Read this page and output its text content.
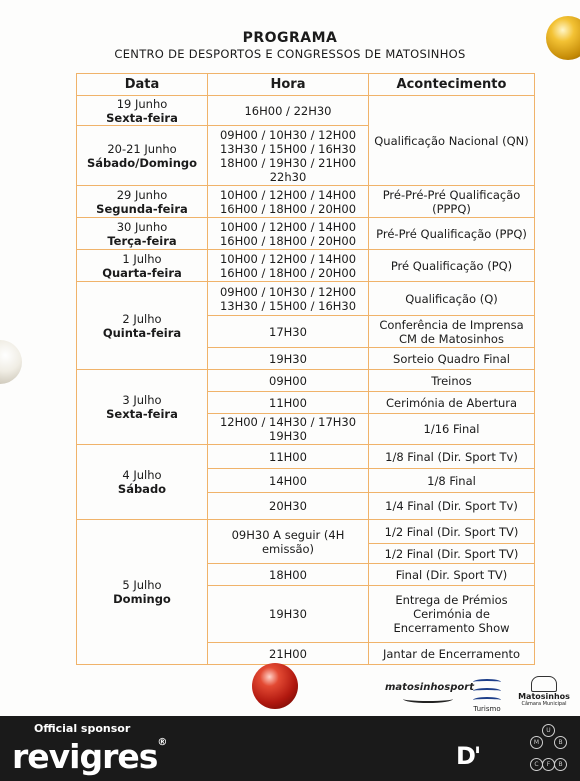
PROGRAMA
CENTRO DE DESPORTOS E CONGRESSOS DE MATOSINHOS
Data	Hora	Acontecimento

19 Junho
Sexta-feira	16H00 / 22H30	Qualificação Nacional (QN)

20-21 Junho
Sábado/Domingo	09H00 / 10H30 / 12H00 13H30 / 15H00 / 16H30 18H00 / 19H30 / 21H00 22h30	

29 Junho
Segunda-feira	10H00 / 12H00 / 14H00 16H00 / 18H00 / 20H00	Pré-Pré-Pré Qualificação (PPPQ)

30 Junho
Terça-feira	10H00 / 12H00 / 14H00 16H00 / 18H00 / 20H00	Pré-Pré Qualificação (PPQ)

1 Julho
Quarta-feira	10H00 / 12H00 / 14H00 16H00 / 18H00 / 20H00	Pré Qualificação (PQ)

2 Julho
Quinta-feira	09H00 / 10H30 / 12H00 13H30 / 15H00 / 16H30	Qualificação (Q)
	17H30	Conferência de Imprensa CM de Matosinhos
	19H30	Sorteio Quadro Final

3 Julho
Sexta-feira	09H00	Treinos
	11H00	Cerimónia de Abertura
	12H00 / 14H30 / 17H30 19H30	1/16 Final

4 Julho
Sábado	11H00	1/8 Final (Dir. Sport Tv)
	14H00	1/8 Final
	20H30	1/4 Final (Dir. Sport Tv)

5 Julho
Domingo	09H30 A seguir (4H emissão)	1/2 Final (Dir. Sport TV)
		1/2 Final (Dir. Sport TV)
	18H00	Final (Dir. Sport TV)
	19H30	Entrega de Prémios Cerimónia de Encerramento Show
	21H00	Jantar de Encerramento
matosinhosport
Turismo
Matosinhos
Câmara Municipal
Official sponsor
revigres®	D'
U
M	B
C	F	B
